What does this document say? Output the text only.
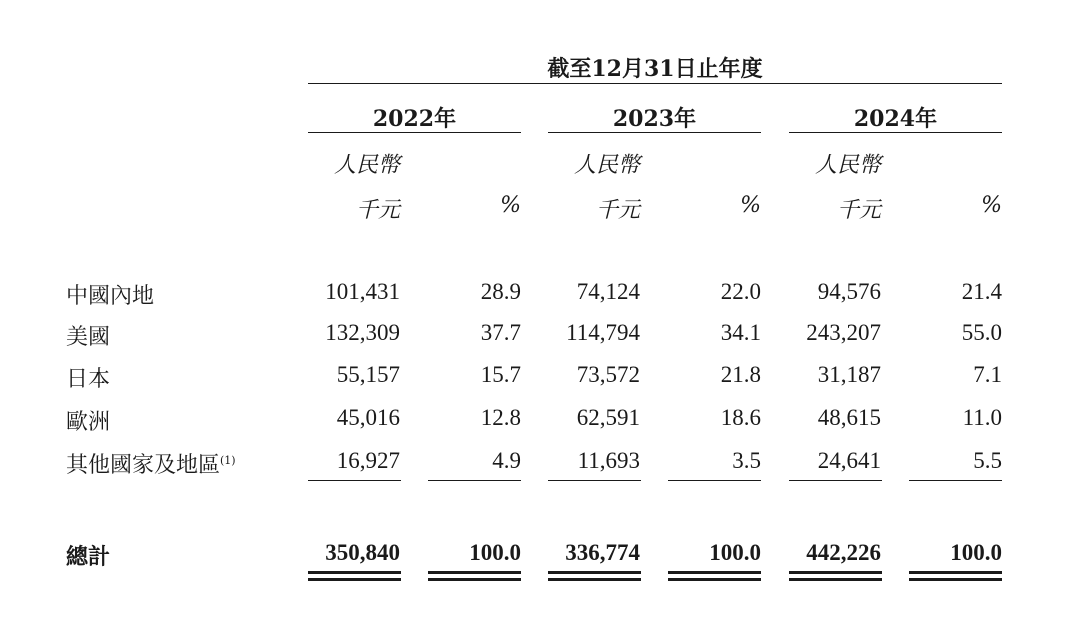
截至12月31日止年度
2022年	2023年	2024年
人民幣	人民幣	人民幣
千元	%	千元	%	千元	%
中國內地	101,431	28.9	74,124	22.0	94,576	21.4
美國	132,309	37.7	114,794	34.1	243,207	55.0
日本	55,157	15.7	73,572	21.8	31,187	7.1
歐洲	45,016	12.8	62,591	18.6	48,615	11.0
其他國家及地區$^{(1)}$	16,927	4.9	11,693	3.5	24,641	5.5
總計	350,840	100.0	336,774	100.0	442,226	100.0
